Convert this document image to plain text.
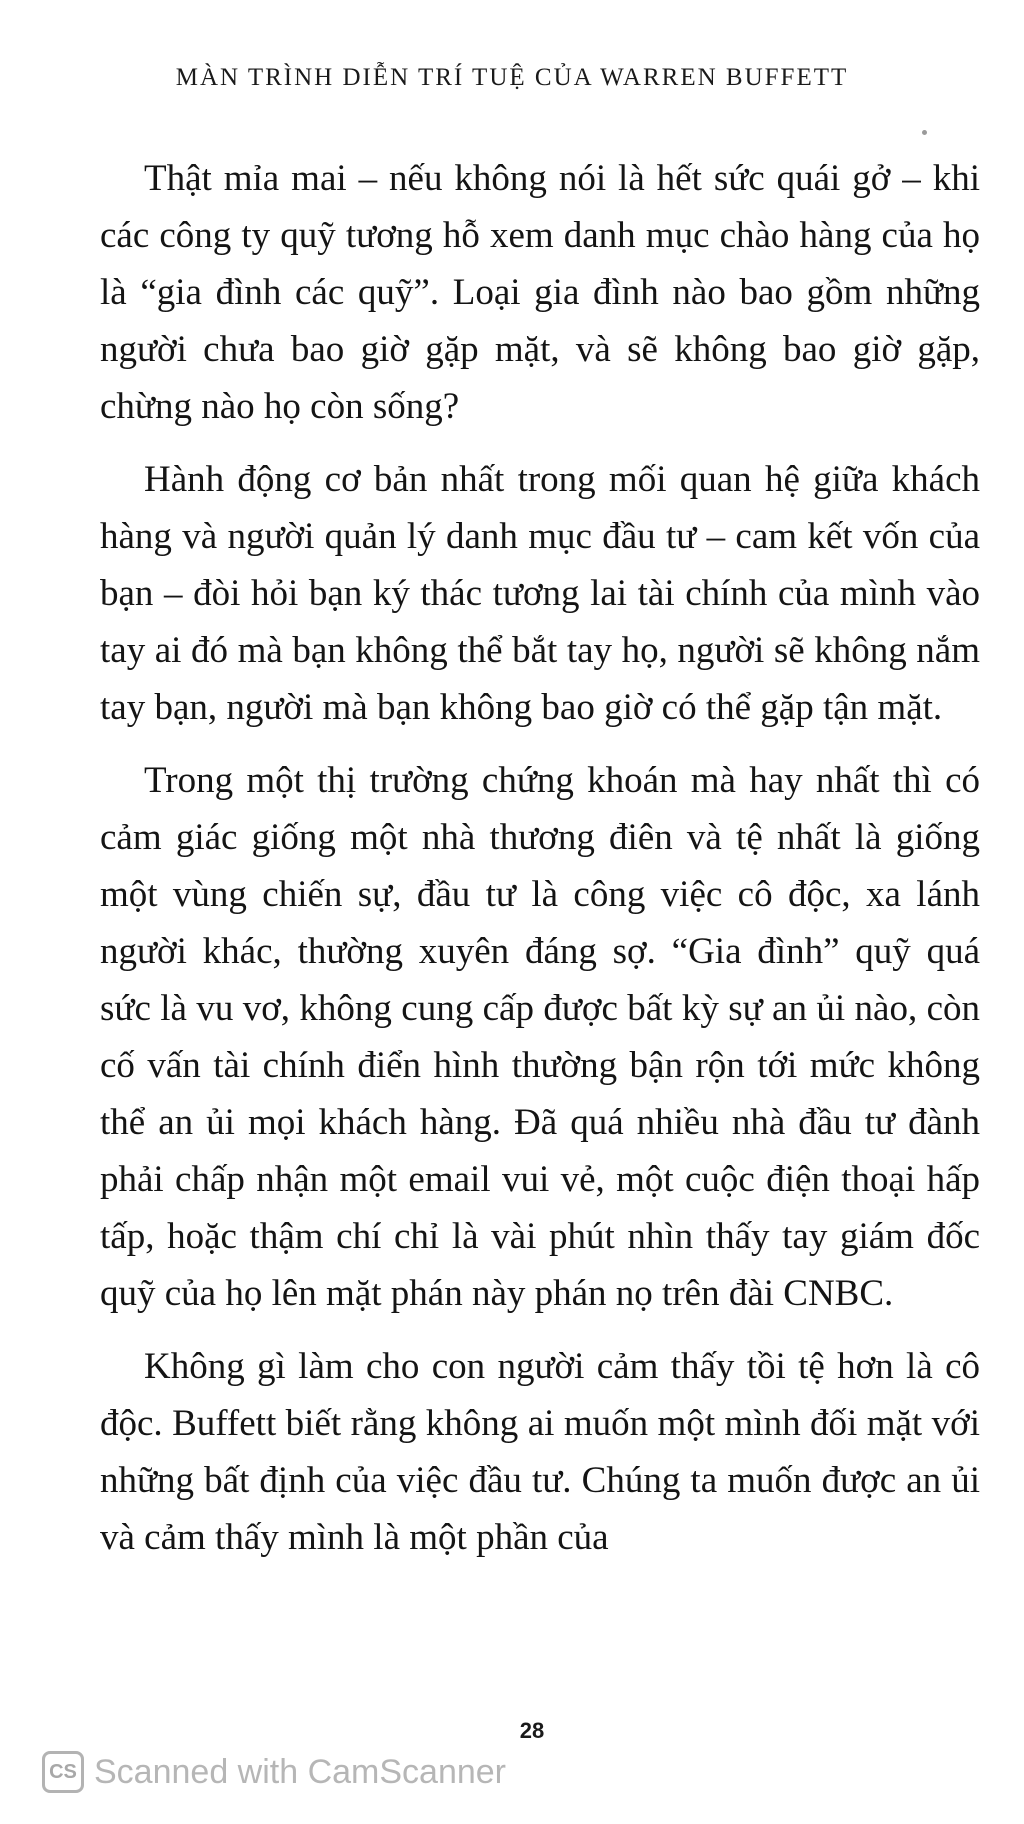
MÀN TRÌNH DIỄN TRÍ TUỆ CỦA WARREN BUFFETT

Thật mỉa mai – nếu không nói là hết sức quái gở – khi các công ty quỹ tương hỗ xem danh mục chào hàng của họ là “gia đình các quỹ”. Loại gia đình nào bao gồm những người chưa bao giờ gặp mặt, và sẽ không bao giờ gặp, chừng nào họ còn sống?

Hành động cơ bản nhất trong mối quan hệ giữa khách hàng và người quản lý danh mục đầu tư – cam kết vốn của bạn – đòi hỏi bạn ký thác tương lai tài chính của mình vào tay ai đó mà bạn không thể bắt tay họ, người sẽ không nắm tay bạn, người mà bạn không bao giờ có thể gặp tận mặt.

Trong một thị trường chứng khoán mà hay nhất thì có cảm giác giống một nhà thương điên và tệ nhất là giống một vùng chiến sự, đầu tư là công việc cô độc, xa lánh người khác, thường xuyên đáng sợ. “Gia đình” quỹ quá sức là vu vơ, không cung cấp được bất kỳ sự an ủi nào, còn cố vấn tài chính điển hình thường bận rộn tới mức không thể an ủi mọi khách hàng. Đã quá nhiều nhà đầu tư đành phải chấp nhận một email vui vẻ, một cuộc điện thoại hấp tấp, hoặc thậm chí chỉ là vài phút nhìn thấy tay giám đốc quỹ của họ lên mặt phán này phán nọ trên đài CNBC.

Không gì làm cho con người cảm thấy tồi tệ hơn là cô độc. Buffett biết rằng không ai muốn một mình đối mặt với những bất định của việc đầu tư. Chúng ta muốn được an ủi và cảm thấy mình là một phần của

28
CS Scanned with CamScanner
